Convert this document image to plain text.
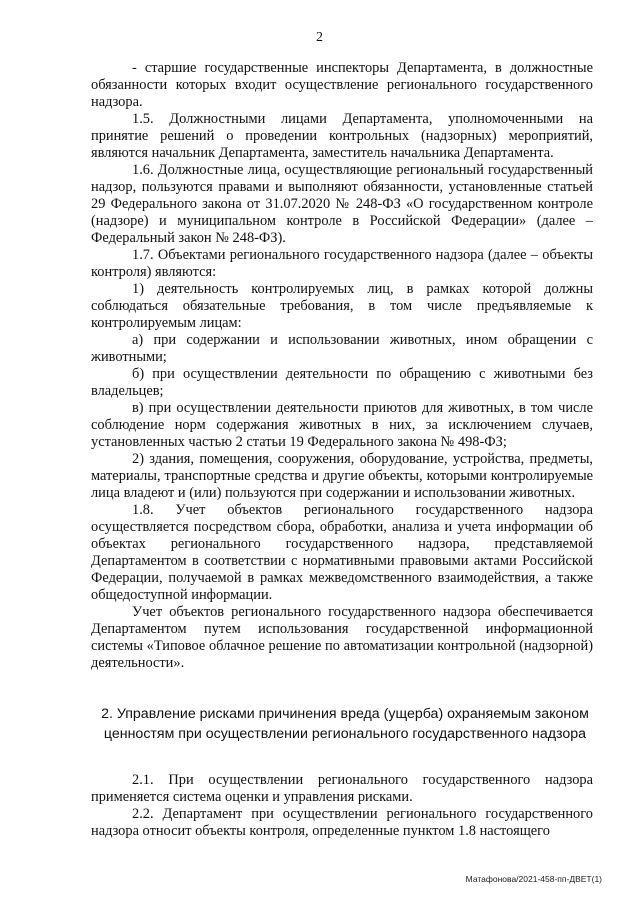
2

- старшие государственные инспекторы Департамента, в должностные обязанности которых входит осуществление регионального государственного надзора.

1.5. Должностными лицами Департамента, уполномоченными на принятие решений о проведении контрольных (надзорных) мероприятий, являются начальник Департамента, заместитель начальника Департамента.

1.6. Должностные лица, осуществляющие региональный государственный надзор, пользуются правами и выполняют обязанности, установленные статьей 29 Федерального закона от 31.07.2020 № 248-ФЗ «О государственном контроле (надзоре) и муниципальном контроле в Российской Федерации» (далее – Федеральный закон № 248-ФЗ).

1.7. Объектами регионального государственного надзора (далее – объекты контроля) являются:

1) деятельность контролируемых лиц, в рамках которой должны соблюдаться обязательные требования, в том числе предъявляемые к контролируемым лицам:

а) при содержании и использовании животных, ином обращении с животными;

б) при осуществлении деятельности по обращению с животными без владельцев;

в) при осуществлении деятельности приютов для животных, в том числе соблюдение норм содержания животных в них, за исключением случаев, установленных частью 2 статьи 19 Федерального закона № 498-ФЗ;

2) здания, помещения, сооружения, оборудование, устройства, предметы, материалы, транспортные средства и другие объекты, которыми контролируемые лица владеют и (или) пользуются при содержании и использовании животных.

1.8. Учет объектов регионального государственного надзора осуществляется посредством сбора, обработки, анализа и учета информации об объектах регионального государственного надзора, представляемой Департаментом в соответствии с нормативными правовыми актами Российской Федерации, получаемой в рамках межведомственного взаимодействия, а также общедоступной информации.

Учет объектов регионального государственного надзора обеспечивается Департаментом путем использования государственной информационной системы «Типовое облачное решение по автоматизации контрольной (надзорной) деятельности».

2. Управление рисками причинения вреда (ущерба) охраняемым законом ценностям при осуществлении регионального государственного надзора

2.1. При осуществлении регионального государственного надзора применяется система оценки и управления рисками.

2.2. Департамент при осуществлении регионального государственного надзора относит объекты контроля, определенные пунктом 1.8 настоящего

Матафонова/2021-458-пп-ДВЕТ(1)
